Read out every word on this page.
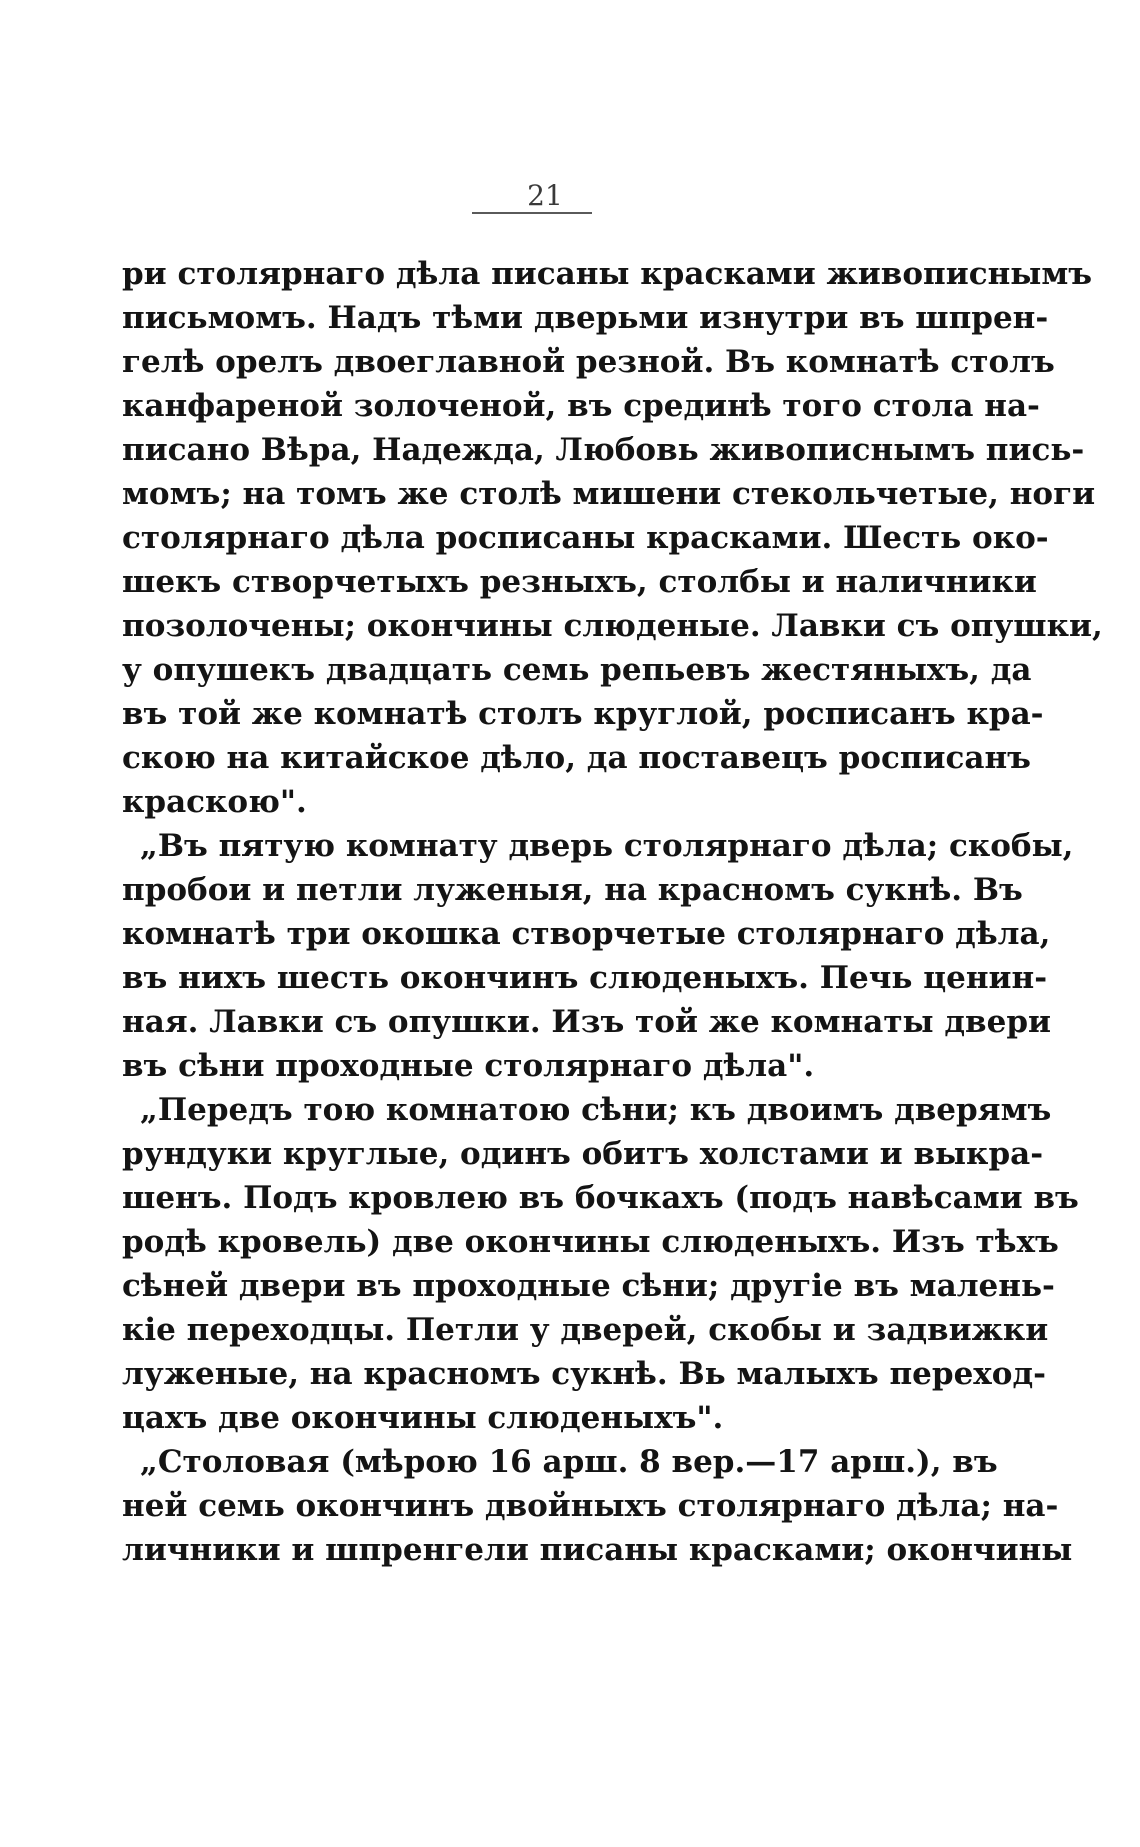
21
ри столярнаго дѣла писаны красками живописнымъ
письмомъ. Надъ тѣми дверьми изнутри въ шпрен-
гелѣ орелъ двоеглавной резной. Въ комнатѣ столъ
канфареной золоченой, въ срединѣ того стола на-
писано Вѣра, Надежда, Любовь живописнымъ пись-
момъ; на томъ же столѣ мишени стекольчетые, ноги
столярнаго дѣла росписаны красками. Шесть око-
шекъ створчетыхъ резныхъ, столбы и наличники
позолочены; окончины слюденые. Лавки съ опушки,
у опушекъ двадцать семь репьевъ жестяныхъ, да
въ той же комнатѣ столъ круглой, росписанъ кра-
скою на китайское дѣло, да поставецъ росписанъ
краскою".
„Въ пятую комнату дверь столярнаго дѣла; скобы,
пробои и петли луженыя, на красномъ сукнѣ. Въ
комнатѣ три окошка створчетые столярнаго дѣла,
въ нихъ шесть окончинъ слюденыхъ. Печь ценин-
ная. Лавки съ опушки. Изъ той же комнаты двери
въ сѣни проходные столярнаго дѣла".
„Передъ тою комнатою сѣни; къ двоимъ дверямъ
рундуки круглые, одинъ обитъ холстами и выкра-
шенъ. Подъ кровлею въ бочкахъ (подъ навѣсами въ
родѣ кровель) две окончины слюденыхъ. Изъ тѣхъ
сѣней двери въ проходные сѣни; другіе въ малень-
кіе переходцы. Петли у дверей, скобы и задвижки
луженые, на красномъ сукнѣ. Вь малыхъ переход-
цахъ две окончины слюденыхъ".
„Столовая (мѣрою 16 арш. 8 вер.—17 арш.), въ
ней семь окончинъ двойныхъ столярнаго дѣла; на-
личники и шпренгели писаны красками; окончины
